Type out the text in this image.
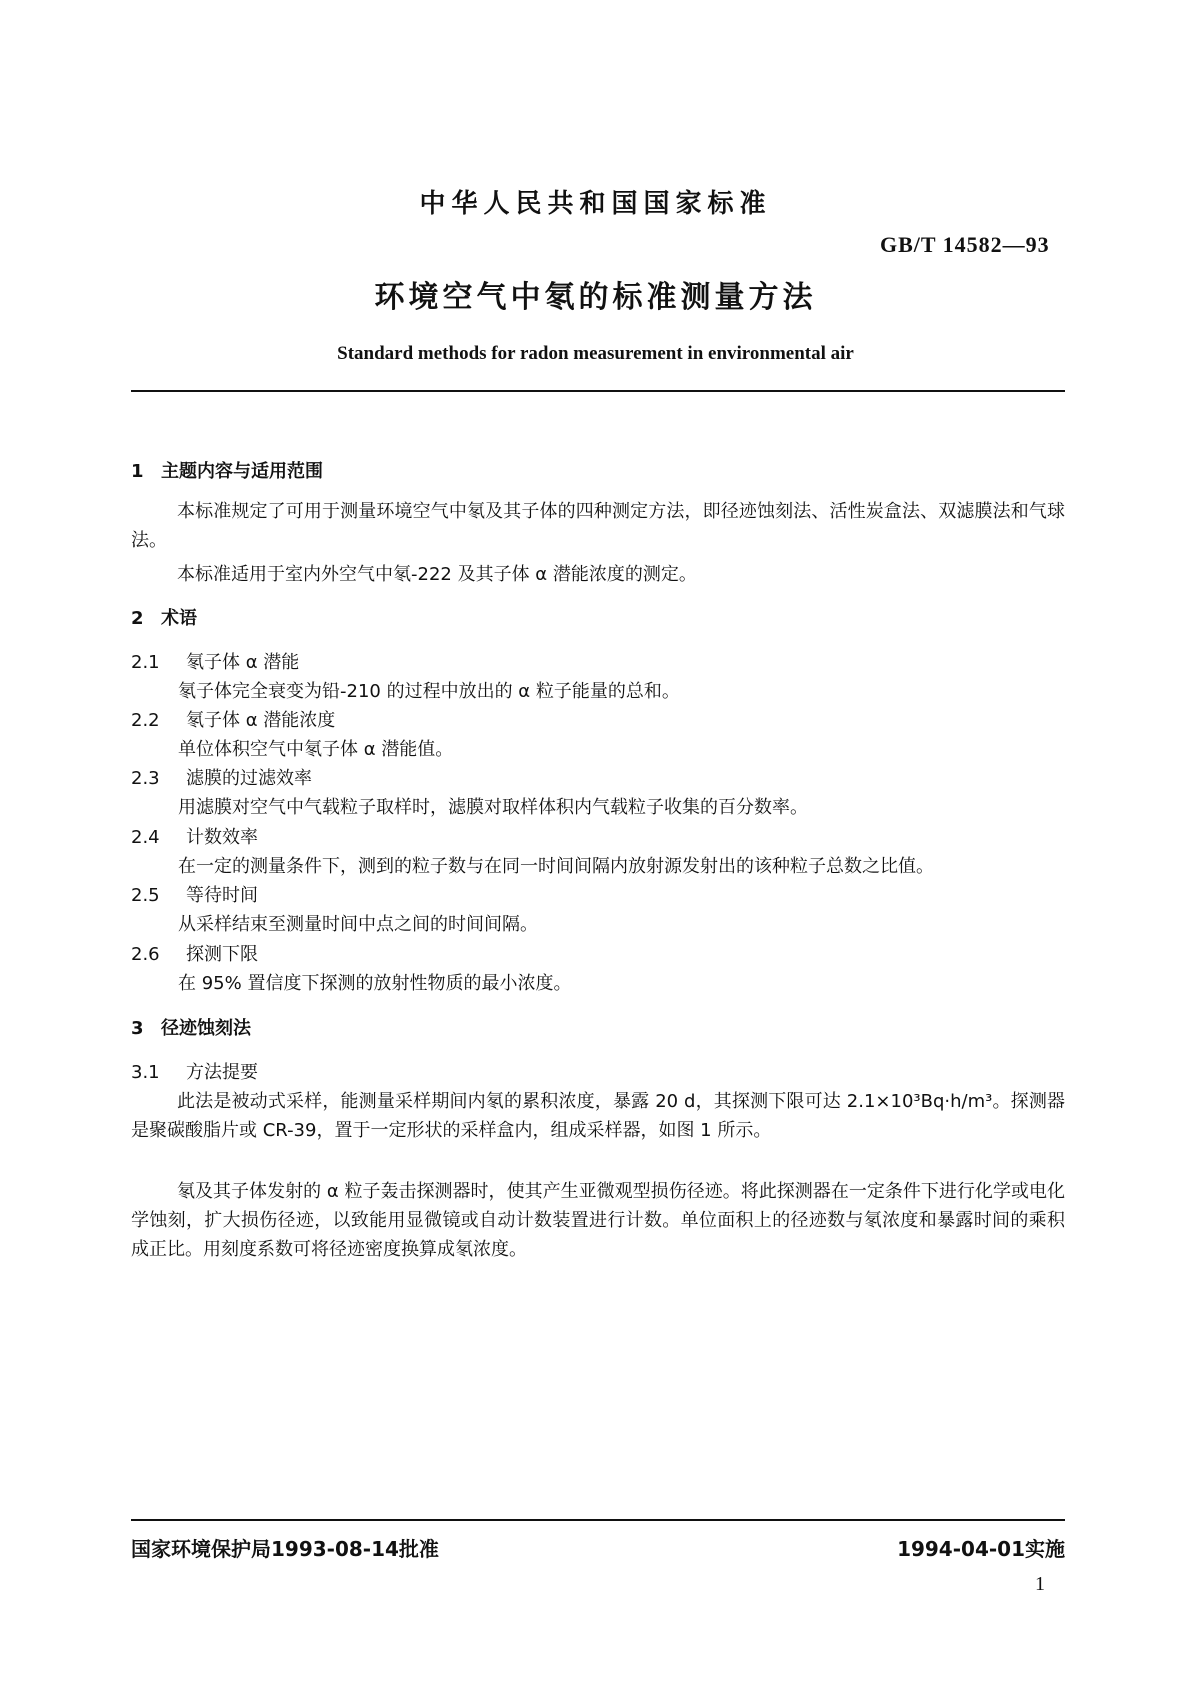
中华人民共和国国家标准
GB/T 14582—93
环境空气中氡的标准测量方法
Standard methods for radon measurement in environmental air
1 主题内容与适用范围
本标准规定了可用于测量环境空气中氡及其子体的四种测定方法，即径迹蚀刻法、活性炭盒法、双滤膜法和气球法。
本标准适用于室内外空气中氡-222 及其子体 α 潜能浓度的测定。
2 术语
2.1 氡子体 α 潜能
氡子体完全衰变为铅-210 的过程中放出的 α 粒子能量的总和。
2.2 氡子体 α 潜能浓度
单位体积空气中氡子体 α 潜能值。
2.3 滤膜的过滤效率
用滤膜对空气中气载粒子取样时，滤膜对取样体积内气载粒子收集的百分数率。
2.4 计数效率
在一定的测量条件下，测到的粒子数与在同一时间间隔内放射源发射出的该种粒子总数之比值。
2.5 等待时间
从采样结束至测量时间中点之间的时间间隔。
2.6 探测下限
在 95% 置信度下探测的放射性物质的最小浓度。
3 径迹蚀刻法
3.1 方法提要
此法是被动式采样，能测量采样期间内氡的累积浓度，暴露 20 d，其探测下限可达 2.1×10³Bq·h/m³。探测器是聚碳酸脂片或 CR-39，置于一定形状的采样盒内，组成采样器，如图 1 所示。
氡及其子体发射的 α 粒子轰击探测器时，使其产生亚微观型损伤径迹。将此探测器在一定条件下进行化学或电化学蚀刻，扩大损伤径迹，以致能用显微镜或自动计数装置进行计数。单位面积上的径迹数与氡浓度和暴露时间的乘积成正比。用刻度系数可将径迹密度换算成氡浓度。
国家环境保护局1993-08-14批准	1994-04-01实施
1
